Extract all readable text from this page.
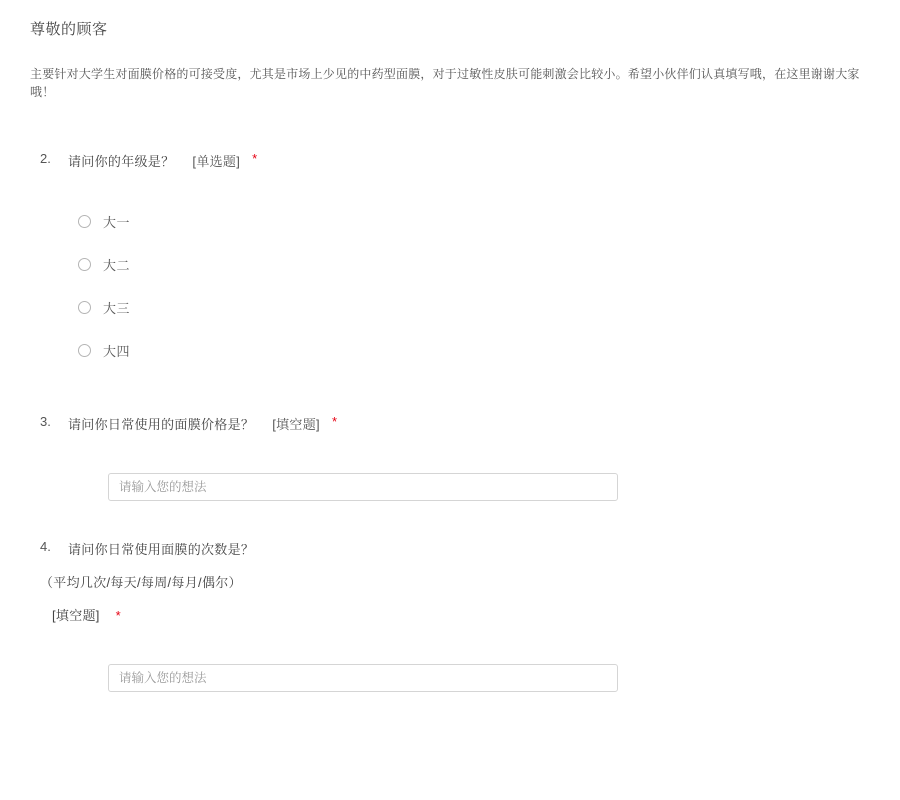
尊敬的顾客

主要针对大学生对面膜价格的可接受度，尤其是市场上少见的中药型面膜，对于过敏性皮肤可能刺激会比较小。希望小伙伴们认真填写哦，在这里谢谢大家哦！

2.	请问你的年级是？ [单选题] *
大一
大二
大三
大四
3.	请问你日常使用的面膜价格是？ [填空题] *
请输入您的想法
4.	请问你日常使用面膜的次数是？
（平均几次/每天/每周/每月/偶尔）
[填空题] *
请输入您的想法
